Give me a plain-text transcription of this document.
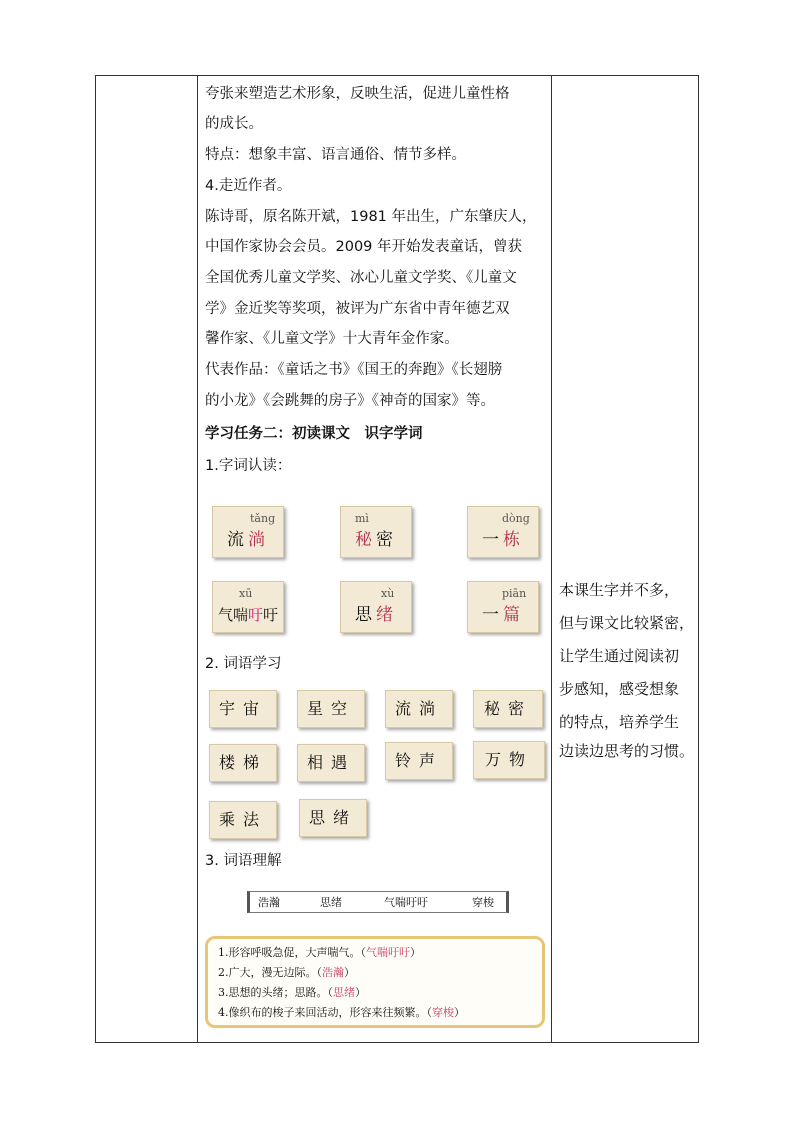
夸张来塑造艺术形象，反映生活，促进儿童性格
的成长。
特点：想象丰富、语言通俗、情节多样。
4.走近作者。
陈诗哥，原名陈开斌，1981 年出生，广东肇庆人，
中国作家协会会员。2009 年开始发表童话，曾获
全国优秀儿童文学奖、冰心儿童文学奖、《儿童文
学》金近奖等奖项，被评为广东省中青年德艺双
馨作家、《儿童文学》十大青年金作家。
代表作品：《童话之书》《国王的奔跑》《长翅膀
的小龙》《会跳舞的房子》《神奇的国家》等。
学习任务二：初读课文　识字学词
1.字词认读：
tǎng
流淌
mì
秘密
dòng
一栋
xū
气喘吁吁
xù
思绪
piān
一篇
2. 词语学习
宇宙	星空	流淌	秘密
楼梯	相遇	铃声	万物
乘法	思绪
3. 词语理解
浩瀚	思绪	气喘吁吁	穿梭
1.形容呼吸急促，大声喘气。（气喘吁吁）
2.广大，漫无边际。（浩瀚）
3.思想的头绪；思路。（思绪）
4.像织布的梭子来回活动，形容来往频繁。（穿梭）
本课生字并不多，
但与课文比较紧密，
让学生通过阅读初
步感知，感受想象
的特点，培养学生
边读边思考的习惯。
